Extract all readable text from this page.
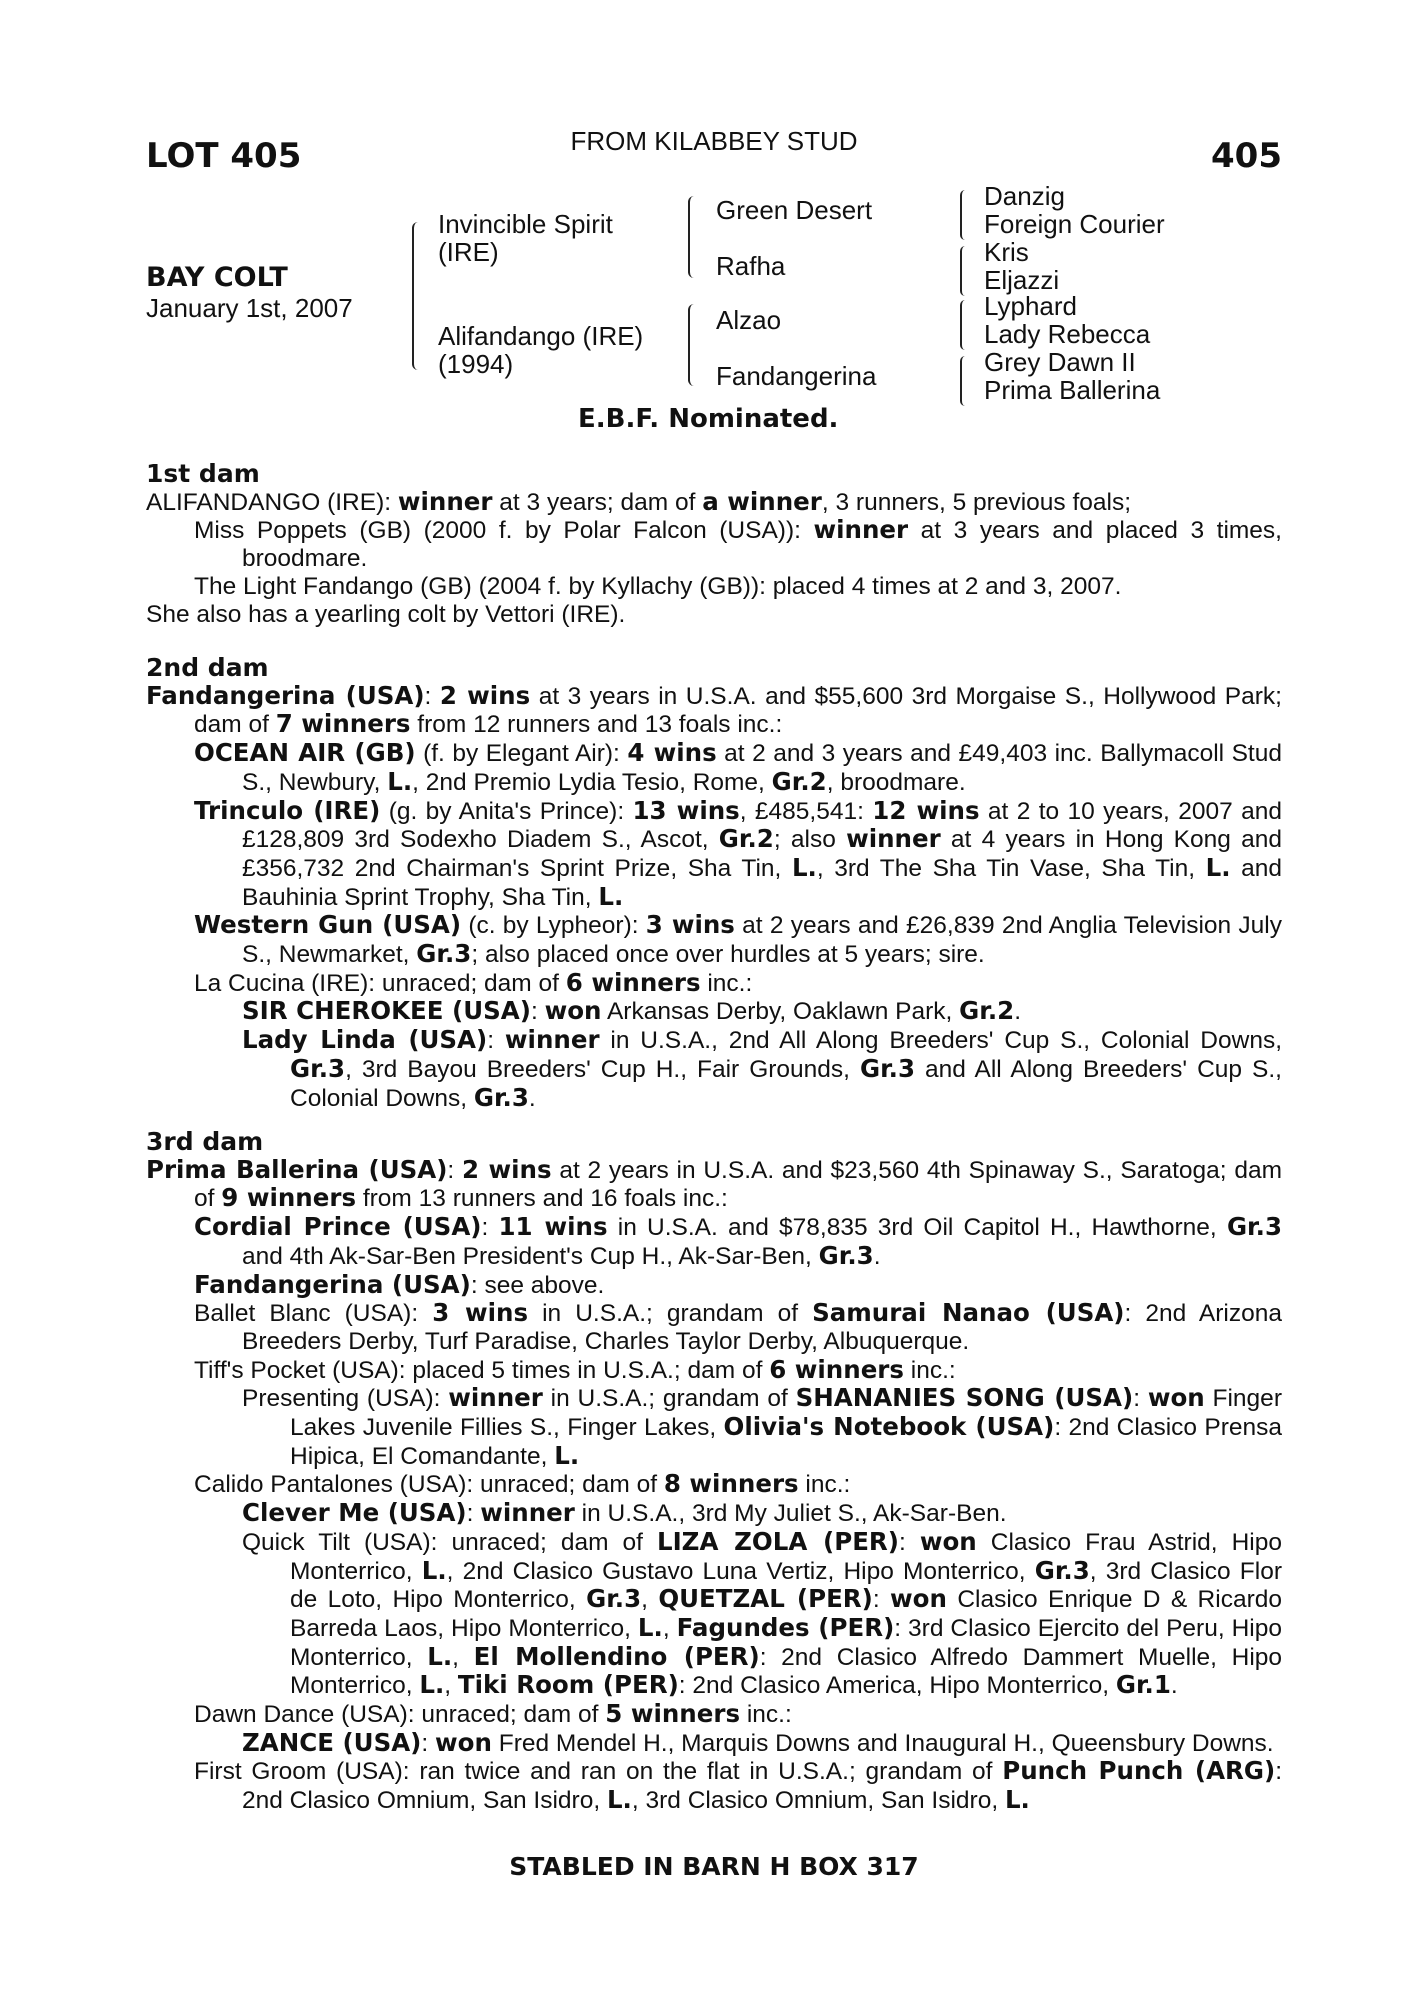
LOT 405	FROM KILABBEY STUD	405
BAY COLT
January 1st, 2007
Invincible Spirit
(IRE)
Alifandango (IRE)
(1994)
Green Desert
Rafha
Alzao
Fandangerina
Danzig
Foreign Courier
Kris
Eljazzi
Lyphard
Lady Rebecca
Grey Dawn II
Prima Ballerina
E.B.F. Nominated.
1st dam
ALIFANDANGO (IRE): winner at 3 years; dam of a winner, 3 runners, 5 previous foals;
Miss Poppets (GB) (2000 f. by Polar Falcon (USA)): winner at 3 years and placed 3 times, broodmare.
The Light Fandango (GB) (2004 f. by Kyllachy (GB)): placed 4 times at 2 and 3, 2007.
She also has a yearling colt by Vettori (IRE).
2nd dam
Fandangerina (USA): 2 wins at 3 years in U.S.A. and $55,600 3rd Morgaise S., Hollywood Park; dam of 7 winners from 12 runners and 13 foals inc.:
OCEAN AIR (GB) (f. by Elegant Air): 4 wins at 2 and 3 years and £49,403 inc. Ballymacoll Stud S., Newbury, L., 2nd Premio Lydia Tesio, Rome, Gr.2, broodmare.
Trinculo (IRE) (g. by Anita's Prince): 13 wins, £485,541: 12 wins at 2 to 10 years, 2007 and £128,809 3rd Sodexho Diadem S., Ascot, Gr.2; also winner at 4 years in Hong Kong and £356,732 2nd Chairman's Sprint Prize, Sha Tin, L., 3rd The Sha Tin Vase, Sha Tin, L. and Bauhinia Sprint Trophy, Sha Tin, L.
Western Gun (USA) (c. by Lypheor): 3 wins at 2 years and £26,839 2nd Anglia Television July S., Newmarket, Gr.3; also placed once over hurdles at 5 years; sire.
La Cucina (IRE): unraced; dam of 6 winners inc.:
SIR CHEROKEE (USA): won Arkansas Derby, Oaklawn Park, Gr.2.
Lady Linda (USA): winner in U.S.A., 2nd All Along Breeders' Cup S., Colonial Downs, Gr.3, 3rd Bayou Breeders' Cup H., Fair Grounds, Gr.3 and All Along Breeders' Cup S., Colonial Downs, Gr.3.
3rd dam
Prima Ballerina (USA): 2 wins at 2 years in U.S.A. and $23,560 4th Spinaway S., Saratoga; dam of 9 winners from 13 runners and 16 foals inc.:
Cordial Prince (USA): 11 wins in U.S.A. and $78,835 3rd Oil Capitol H., Hawthorne, Gr.3 and 4th Ak-Sar-Ben President's Cup H., Ak-Sar-Ben, Gr.3.
Fandangerina (USA): see above.
Ballet Blanc (USA): 3 wins in U.S.A.; grandam of Samurai Nanao (USA): 2nd Arizona Breeders Derby, Turf Paradise, Charles Taylor Derby, Albuquerque.
Tiff's Pocket (USA): placed 5 times in U.S.A.; dam of 6 winners inc.:
Presenting (USA): winner in U.S.A.; grandam of SHANANIES SONG (USA): won Finger Lakes Juvenile Fillies S., Finger Lakes, Olivia's Notebook (USA): 2nd Clasico Prensa Hipica, El Comandante, L.
Calido Pantalones (USA): unraced; dam of 8 winners inc.:
Clever Me (USA): winner in U.S.A., 3rd My Juliet S., Ak-Sar-Ben.
Quick Tilt (USA): unraced; dam of LIZA ZOLA (PER): won Clasico Frau Astrid, Hipo Monterrico, L., 2nd Clasico Gustavo Luna Vertiz, Hipo Monterrico, Gr.3, 3rd Clasico Flor de Loto, Hipo Monterrico, Gr.3, QUETZAL (PER): won Clasico Enrique D & Ricardo Barreda Laos, Hipo Monterrico, L., Fagundes (PER): 3rd Clasico Ejercito del Peru, Hipo Monterrico, L., El Mollendino (PER): 2nd Clasico Alfredo Dammert Muelle, Hipo Monterrico, L., Tiki Room (PER): 2nd Clasico America, Hipo Monterrico, Gr.1.
Dawn Dance (USA): unraced; dam of 5 winners inc.:
ZANCE (USA): won Fred Mendel H., Marquis Downs and Inaugural H., Queensbury Downs.
First Groom (USA): ran twice and ran on the flat in U.S.A.; grandam of Punch Punch (ARG): 2nd Clasico Omnium, San Isidro, L., 3rd Clasico Omnium, San Isidro, L.
STABLED IN BARN H BOX 317
